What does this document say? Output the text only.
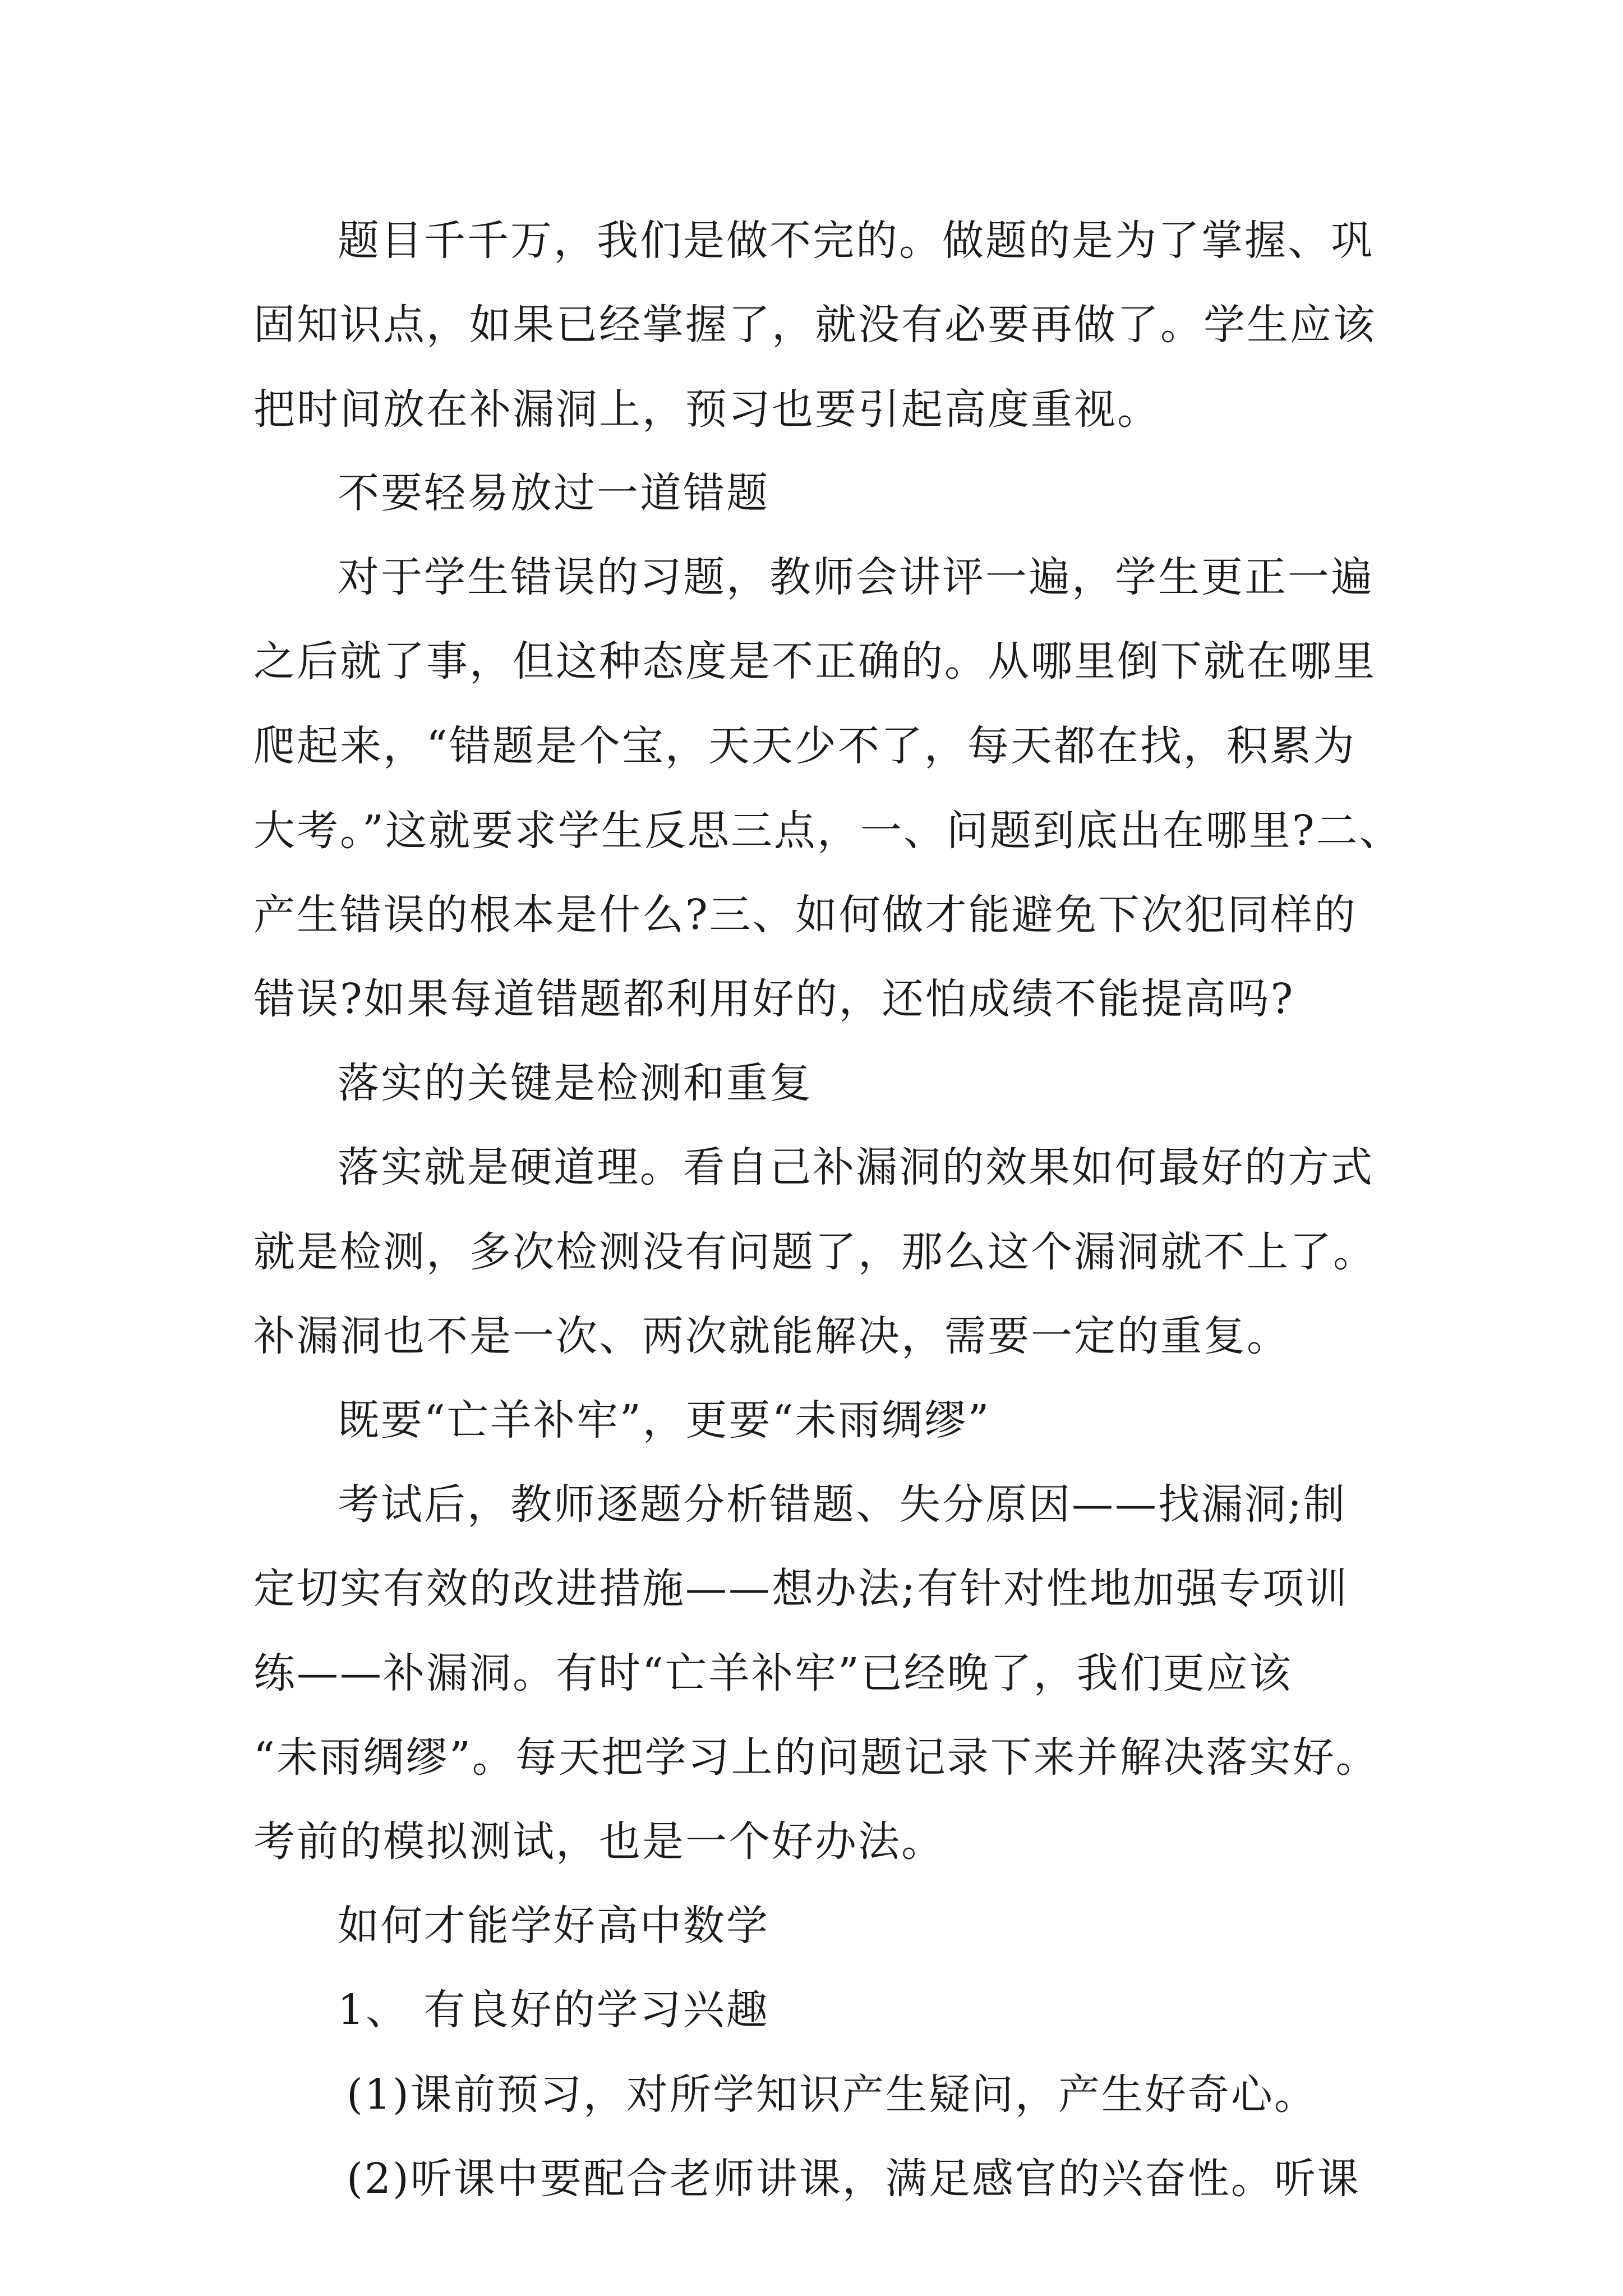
题目千千万，我们是做不完的。做题的是为了掌握、巩
固知识点，如果已经掌握了，就没有必要再做了。学生应该
把时间放在补漏洞上，预习也要引起高度重视。
不要轻易放过一道错题
对于学生错误的习题，教师会讲评一遍，学生更正一遍
之后就了事，但这种态度是不正确的。从哪里倒下就在哪里
爬起来，“错题是个宝，天天少不了，每天都在找，积累为
大考。”这就要求学生反思三点，一、问题到底出在哪里?二、
产生错误的根本是什么?三、如何做才能避免下次犯同样的
错误?如果每道错题都利用好的，还怕成绩不能提高吗?
落实的关键是检测和重复
落实就是硬道理。看自己补漏洞的效果如何最好的方式
就是检测，多次检测没有问题了，那么这个漏洞就不上了。
补漏洞也不是一次、两次就能解决，需要一定的重复。
既要“亡羊补牢”，更要“未雨绸缪”
考试后，教师逐题分析错题、失分原因——找漏洞;制
定切实有效的改进措施——想办法;有针对性地加强专项训
练——补漏洞。有时“亡羊补牢”已经晚了，我们更应该
“未雨绸缪”。每天把学习上的问题记录下来并解决落实好。
考前的模拟测试，也是一个好办法。
如何才能学好高中数学
1、 有良好的学习兴趣
(1)课前预习，对所学知识产生疑问，产生好奇心。
(2)听课中要配合老师讲课，满足感官的兴奋性。听课
